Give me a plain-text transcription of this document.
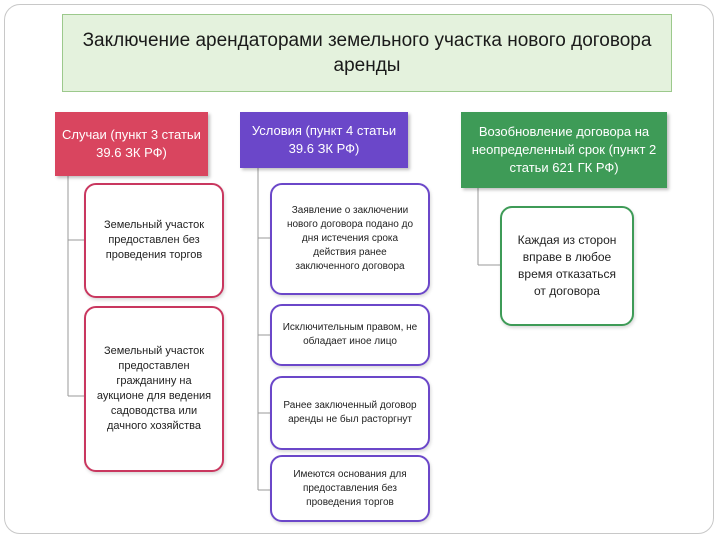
Заключение арендаторами земельного участка нового договора аренды
Случаи (пункт 3 статьи 39.6 ЗК РФ)
Условия (пункт 4 статьи 39.6 ЗК РФ)
Возобновление договора на неопределенный срок (пункт 2 статьи 621 ГК РФ)
Земельный участок предоставлен без проведения торгов
Земельный участок предоставлен гражданину на аукционе для ведения садоводства или дачного хозяйства
Заявление о заключении нового договора подано до дня истечения срока действия ранее заключенного договора
Исключительным правом, не обладает иное лицо
Ранее заключенный договор аренды не был расторгнут
Имеются основания для предоставления без проведения торгов
Каждая из сторон вправе в любое время отказаться от договора
